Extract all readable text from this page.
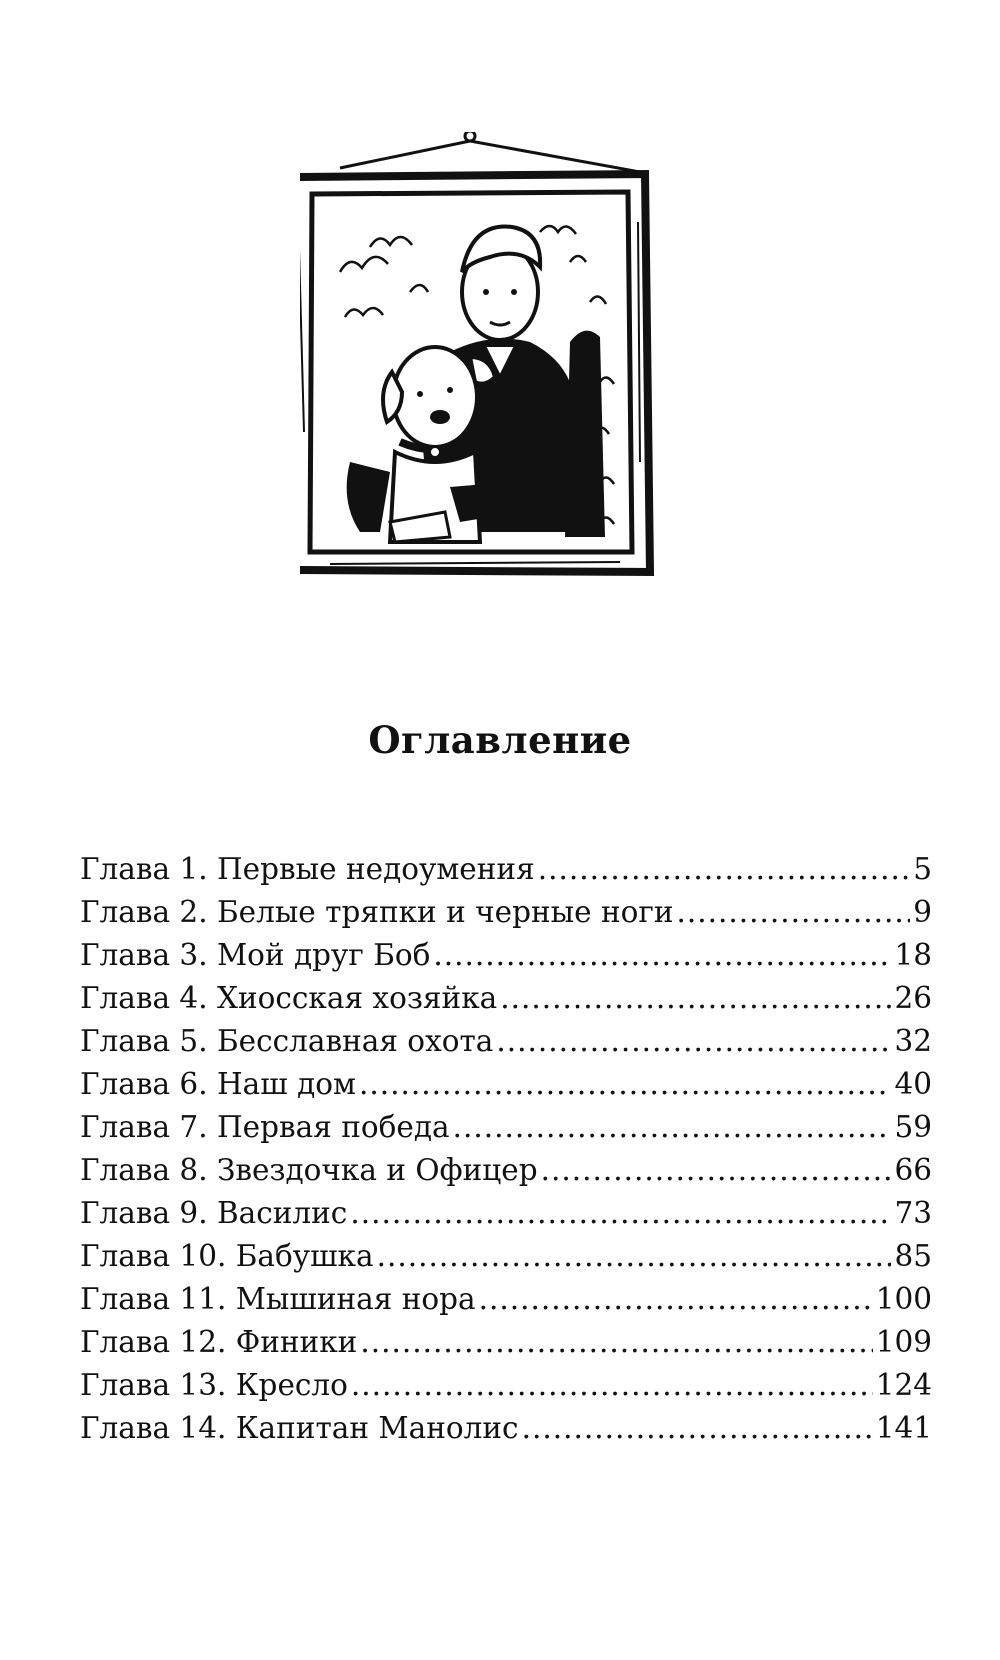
Оглавление
Глава 1. Первые недоумения .....	5
Глава 2. Белые тряпки и черные ноги .....	9
Глава 3. Мой друг Боб .....	18
Глава 4. Хиосская хозяйка .....	26
Глава 5. Бесславная охота .....	32
Глава 6. Наш дом .....	40
Глава 7. Первая победа .....	59
Глава 8. Звездочка и Офицер .....	66
Глава 9. Василис .....	73
Глава 10. Бабушка .....	85
Глава 11. Мышиная нора .....	100
Глава 12. Финики .....	109
Глава 13. Кресло .....	124
Глава 14. Капитан Манолис .....	141
